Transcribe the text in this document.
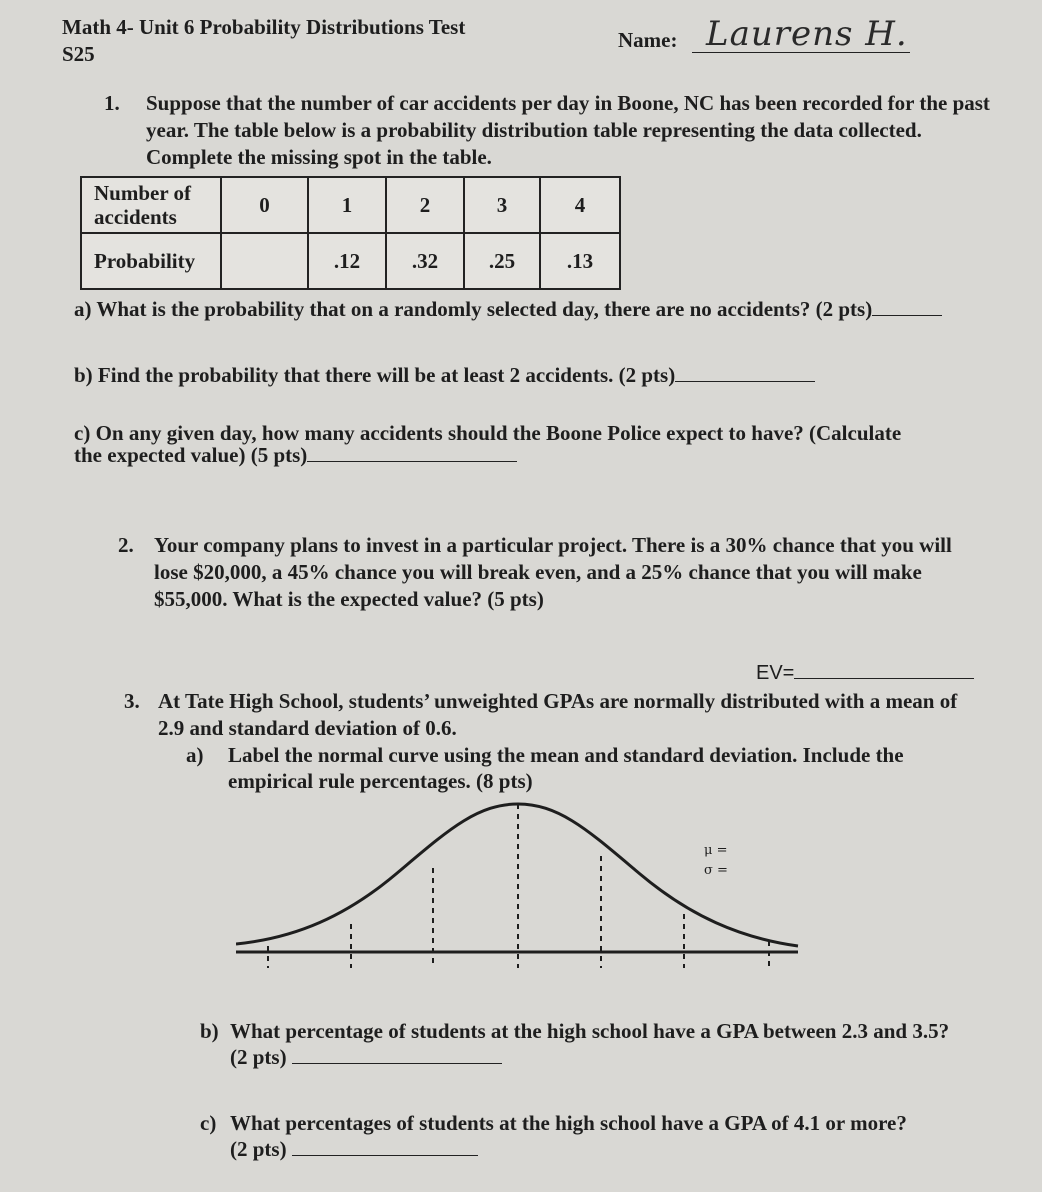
Math 4- Unit 6 Probability Distributions Test
S25
Name: Laurens H.
1. Suppose that the number of car accidents per day in Boone, NC has been recorded for the past year. The table below is a probability distribution table representing the data collected. Complete the missing spot in the table.
Number of accidents	0	1	2	3	4
Probability		.12	.32	.25	.13
a) What is the probability that on a randomly selected day, there are no accidents? (2 pts)
b) Find the probability that there will be at least 2 accidents. (2 pts)
c) On any given day, how many accidents should the Boone Police expect to have? (Calculate
the expected value) (5 pts)
2. Your company plans to invest in a particular project. There is a 30% chance that you will lose $20,000, a 45% chance you will break even, and a 25% chance that you will make $55,000. What is the expected value? (5 pts)
EV=
3. At Tate High School, students’ unweighted GPAs are normally distributed with a mean of 2.9 and standard deviation of 0.6.
a) Label the normal curve using the mean and standard deviation. Include the empirical rule percentages. (8 pts)
μ =
σ =
b) What percentage of students at the high school have a GPA between 2.3 and 3.5?
(2 pts)
c) What percentages of students at the high school have a GPA of 4.1 or more?
(2 pts)
